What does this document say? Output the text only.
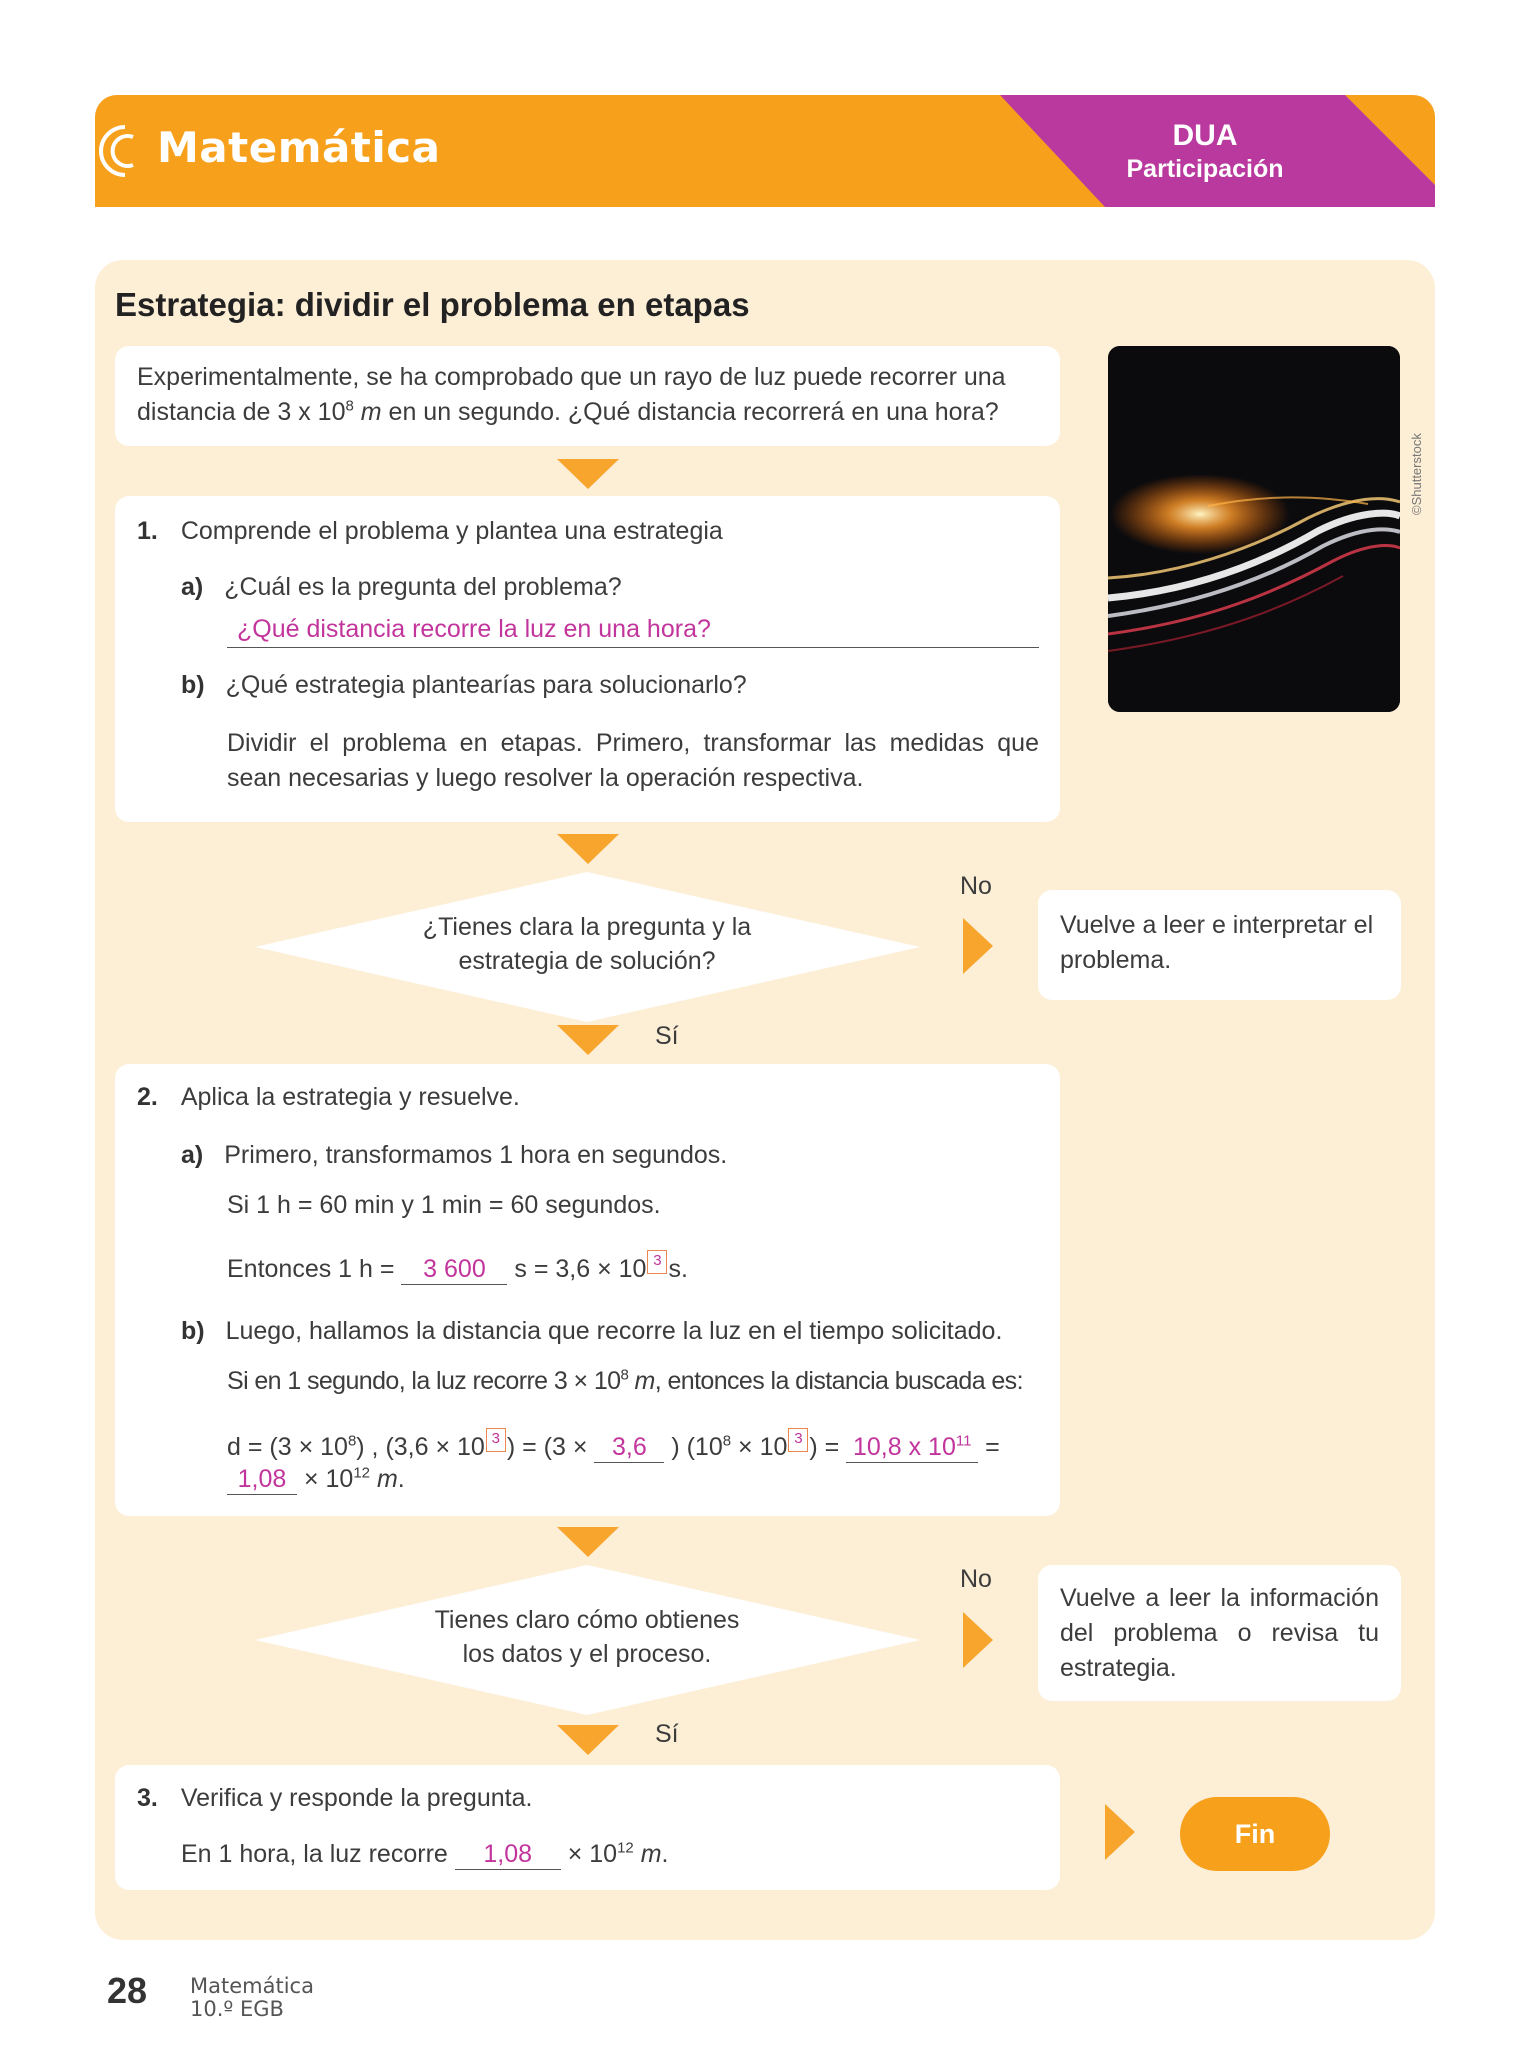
Matemática	DUA
Participación
Estrategia: dividir el problema en etapas
Experimentalmente, se ha comprobado que un rayo de luz puede recorrer una
distancia de 3 x $10^8$ m en un segundo. ¿Qué distancia recorrerá en una hora?
©Shutterstock
1. Comprende el problema y plantea una estrategia
a) ¿Cuál es la pregunta del problema?
¿Qué distancia recorre la luz en una hora?
b) ¿Qué estrategia plantearías para solucionarlo?
Dividir el problema en etapas. Primero, transformar las medidas que
sean necesarias y luego resolver la operación respectiva.
¿Tienes clara la pregunta y la
estrategia de solución?
No
Vuelve a leer e interpretar el
problema.
Sí
2. Aplica la estrategia y resuelve.
a) Primero, transformamos 1 hora en segundos.
Si 1 h = 60 min y 1 min = 60 segundos.
Entonces 1 h = 3 600 s = 3,6 × 10 3 s.
b) Luego, hallamos la distancia que recorre la luz en el tiempo solicitado.
Si en 1 segundo, la luz recorre $3 \times 10^8$ m, entonces la distancia buscada es:
$d = (3 \times 10^8)$ , (3,6 × 10 3 ) = (3 × 3,6 ) ($10^8 \times 10$ 3 ) = 10,8 x $10^{11}$ =
$1,08 \times 10^{12}$ m.
Tienes claro cómo obtienes
los datos y el proceso.
No
Vuelve a leer la información
del problema o revisa tu
estrategia.
Sí
3. Verifica y responde la pregunta.
En 1 hora, la luz recorre $1,08 \times 10^{12}$ m.
Fin
28 Matemática
10.º EGB
